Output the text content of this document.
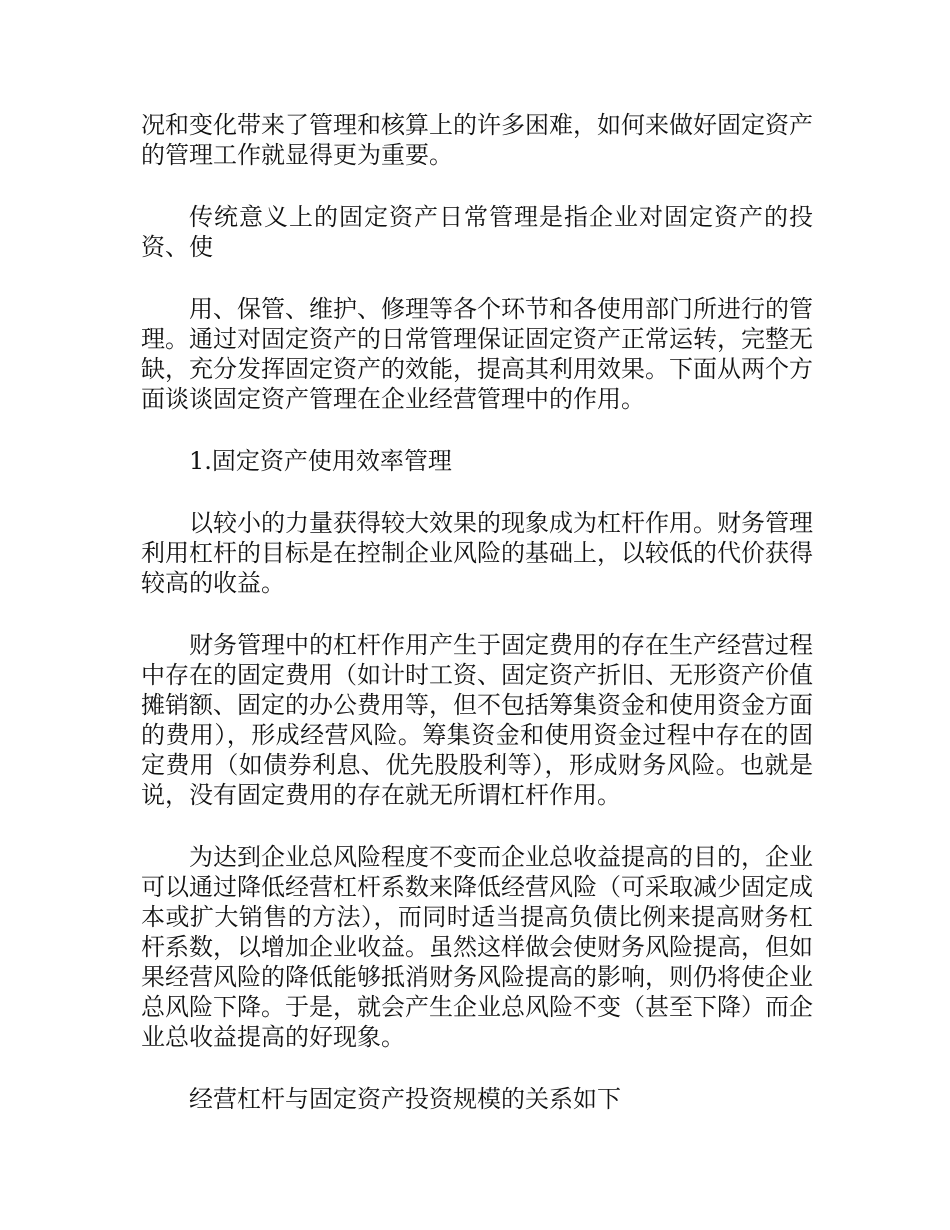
况和变化带来了管理和核算上的许多困难，如何来做好固定资产的管理工作就显得更为重要。

传统意义上的固定资产日常管理是指企业对固定资产的投资、使

用、保管、维护、修理等各个环节和各使用部门所进行的管理。通过对固定资产的日常管理保证固定资产正常运转，完整无缺，充分发挥固定资产的效能，提高其利用效果。下面从两个方面谈谈固定资产管理在企业经营管理中的作用。

1.固定资产使用效率管理

以较小的力量获得较大效果的现象成为杠杆作用。财务管理利用杠杆的目标是在控制企业风险的基础上，以较低的代价获得较高的收益。

财务管理中的杠杆作用产生于固定费用的存在生产经营过程中存在的固定费用（如计时工资、固定资产折旧、无形资产价值摊销额、固定的办公费用等，但不包括筹集资金和使用资金方面的费用），形成经营风险。筹集资金和使用资金过程中存在的固定费用（如债券利息、优先股股利等），形成财务风险。也就是说，没有固定费用的存在就无所谓杠杆作用。

为达到企业总风险程度不变而企业总收益提高的目的，企业可以通过降低经营杠杆系数来降低经营风险（可采取减少固定成本或扩大销售的方法），而同时适当提高负债比例来提高财务杠杆系数，以增加企业收益。虽然这样做会使财务风险提高，但如果经营风险的降低能够抵消财务风险提高的影响，则仍将使企业总风险下降。于是，就会产生企业总风险不变（甚至下降）而企业总收益提高的好现象。

经营杠杆与固定资产投资规模的关系如下
